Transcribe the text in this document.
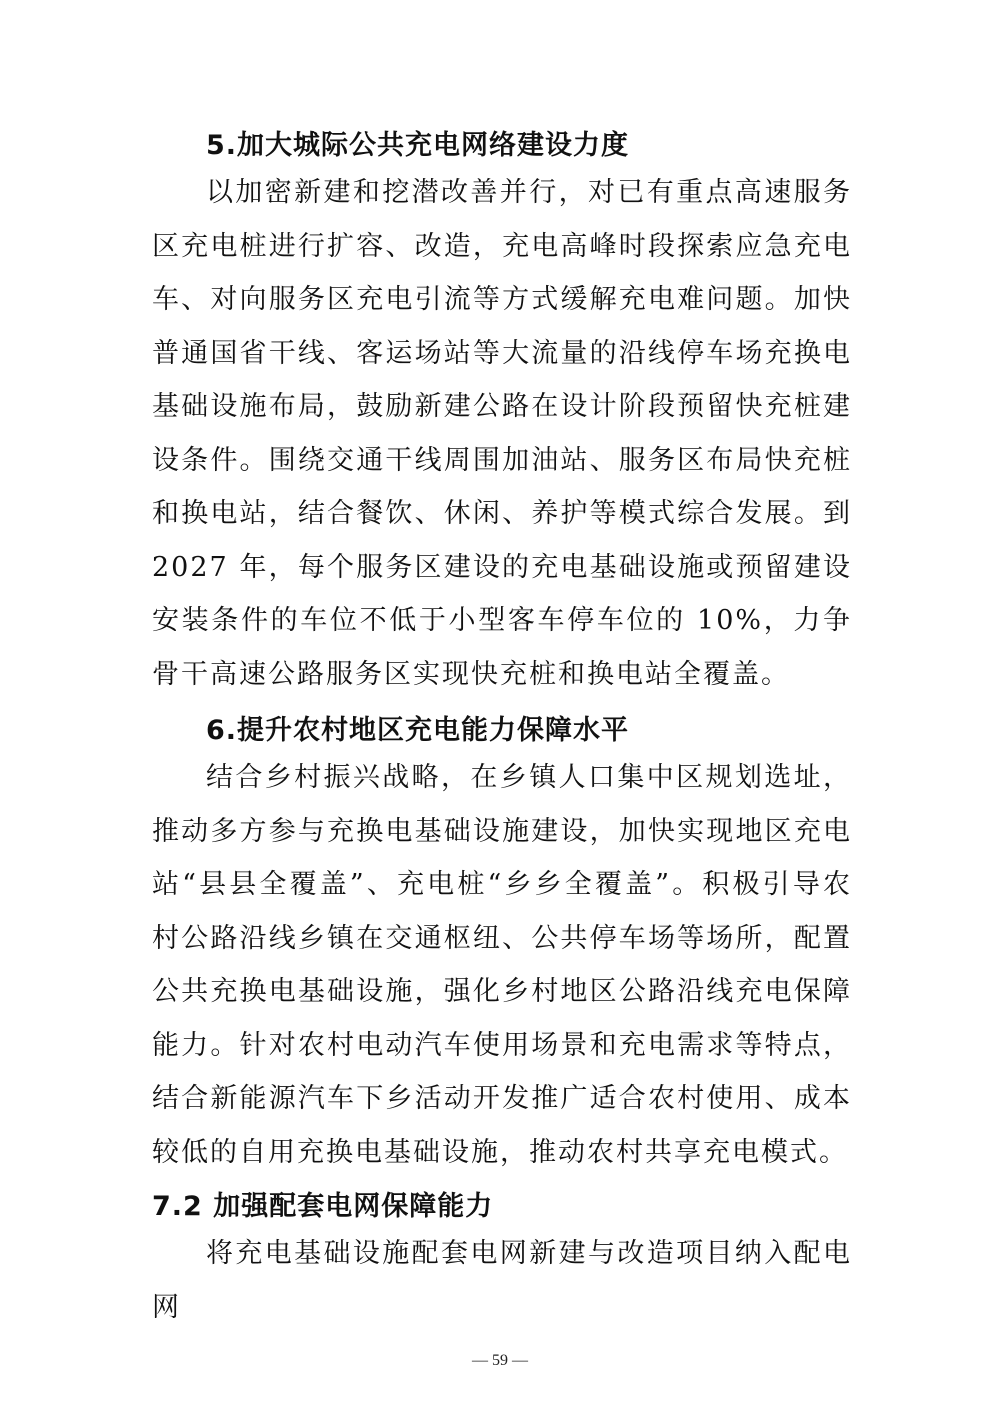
5.加大城际公共充电网络建设力度

以加密新建和挖潜改善并行，对已有重点高速服务区充电桩进行扩容、改造，充电高峰时段探索应急充电车、对向服务区充电引流等方式缓解充电难问题。加快普通国省干线、客运场站等大流量的沿线停车场充换电基础设施布局，鼓励新建公路在设计阶段预留快充桩建设条件。围绕交通干线周围加油站、服务区布局快充桩和换电站，结合餐饮、休闲、养护等模式综合发展。到 2027 年，每个服务区建设的充电基础设施或预留建设安装条件的车位不低于小型客车停车位的 10%，力争骨干高速公路服务区实现快充桩和换电站全覆盖。

6.提升农村地区充电能力保障水平

结合乡村振兴战略，在乡镇人口集中区规划选址，推动多方参与充换电基础设施建设，加快实现地区充电站“县县全覆盖”、充电桩“乡乡全覆盖”。积极引导农村公路沿线乡镇在交通枢纽、公共停车场等场所，配置公共充换电基础设施，强化乡村地区公路沿线充电保障能力。针对农村电动汽车使用场景和充电需求等特点，结合新能源汽车下乡活动开发推广适合农村使用、成本较低的自用充换电基础设施，推动农村共享充电模式。

7.2 加强配套电网保障能力

将充电基础设施配套电网新建与改造项目纳入配电网

— 59 —
